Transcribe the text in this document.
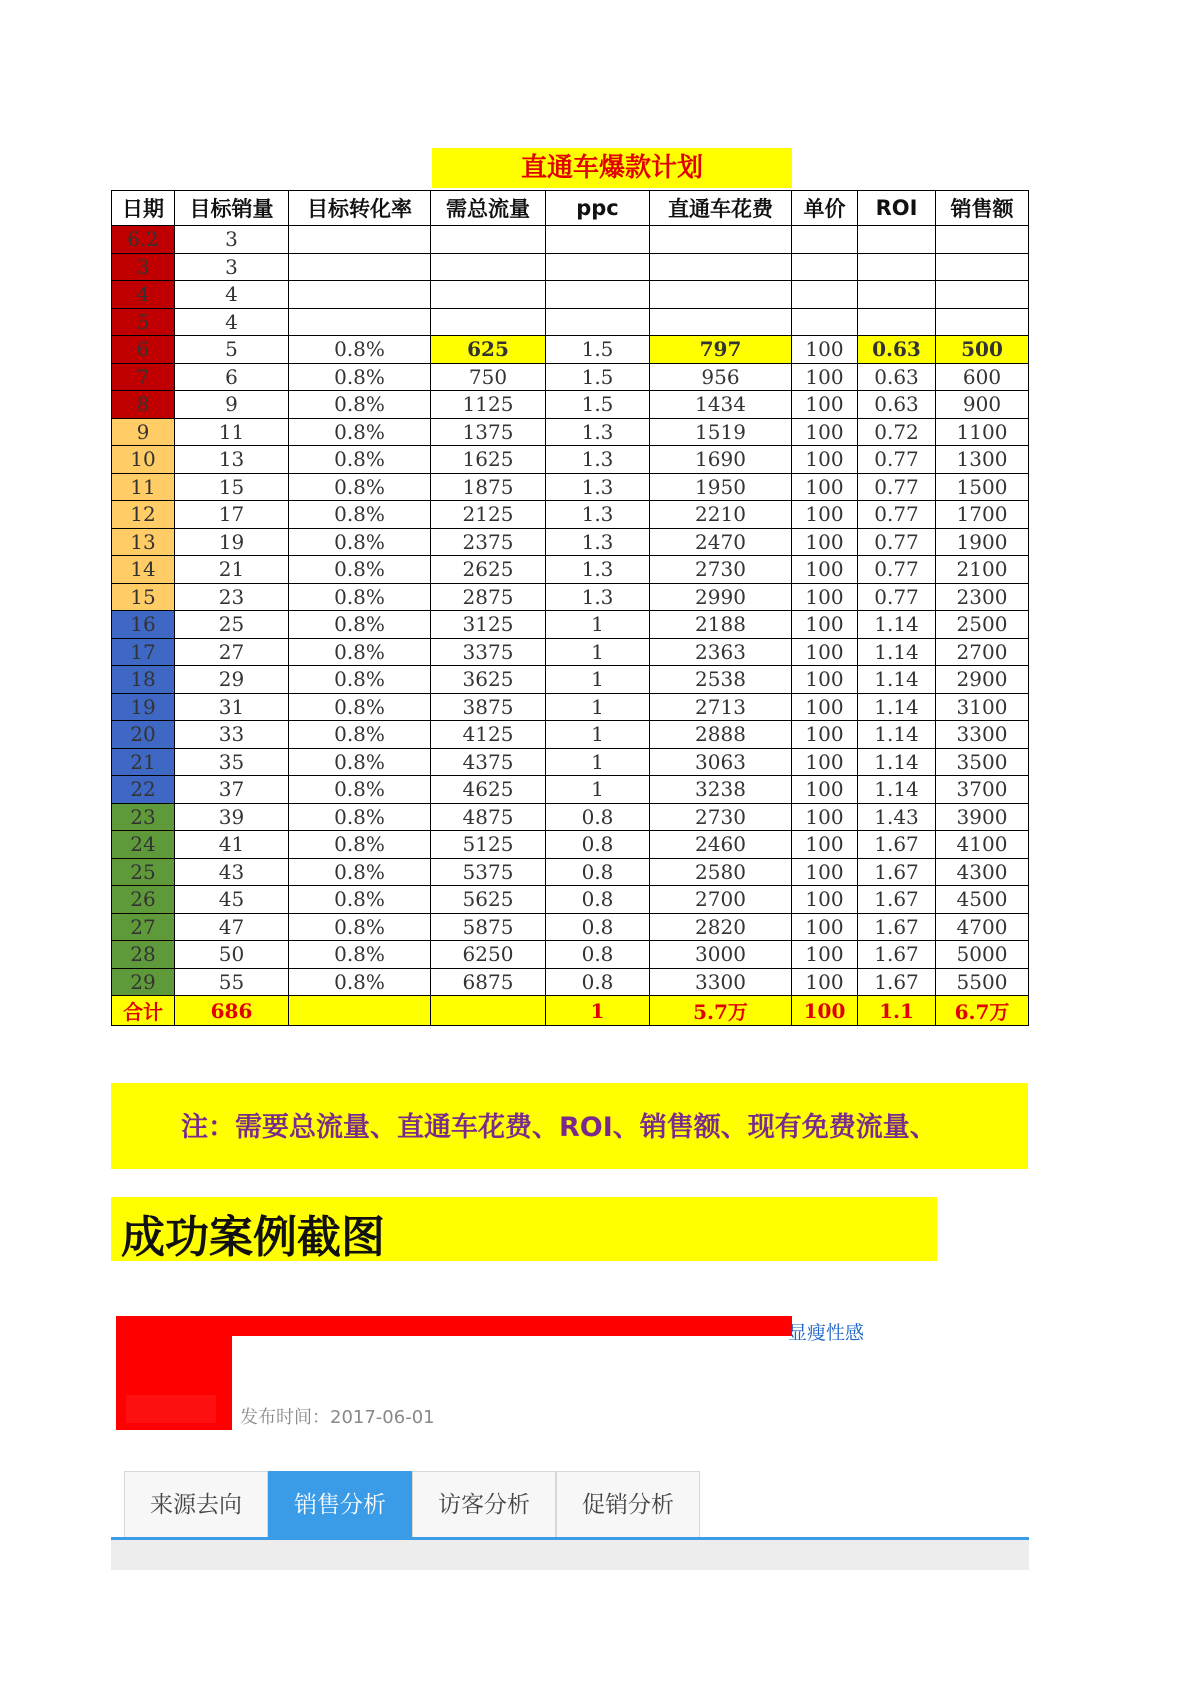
直通车爆款计划
日期	目标销量	目标转化率	需总流量	ppc	直通车花费	单价	ROI	销售额
6.2	3							
3	3							
4	4							
5	4							
6	5	0.8%	625	1.5	797	100	0.63	500
7	6	0.8%	750	1.5	956	100	0.63	600
8	9	0.8%	1125	1.5	1434	100	0.63	900
9	11	0.8%	1375	1.3	1519	100	0.72	1100
10	13	0.8%	1625	1.3	1690	100	0.77	1300
11	15	0.8%	1875	1.3	1950	100	0.77	1500
12	17	0.8%	2125	1.3	2210	100	0.77	1700
13	19	0.8%	2375	1.3	2470	100	0.77	1900
14	21	0.8%	2625	1.3	2730	100	0.77	2100
15	23	0.8%	2875	1.3	2990	100	0.77	2300
16	25	0.8%	3125	1	2188	100	1.14	2500
17	27	0.8%	3375	1	2363	100	1.14	2700
18	29	0.8%	3625	1	2538	100	1.14	2900
19	31	0.8%	3875	1	2713	100	1.14	3100
20	33	0.8%	4125	1	2888	100	1.14	3300
21	35	0.8%	4375	1	3063	100	1.14	3500
22	37	0.8%	4625	1	3238	100	1.14	3700
23	39	0.8%	4875	0.8	2730	100	1.43	3900
24	41	0.8%	5125	0.8	2460	100	1.67	4100
25	43	0.8%	5375	0.8	2580	100	1.67	4300
26	45	0.8%	5625	0.8	2700	100	1.67	4500
27	47	0.8%	5875	0.8	2820	100	1.67	4700
28	50	0.8%	6250	0.8	3000	100	1.67	5000
29	55	0.8%	6875	0.8	3300	100	1.67	5500
合计	686			1	5.7万	100	1.1	6.7万
注：需要总流量、直通车花费、ROI、销售额、现有免费流量、
成功案例截图
显瘦性感
发布时间：2017-06-01
来源去向	销售分析	访客分析	促销分析
